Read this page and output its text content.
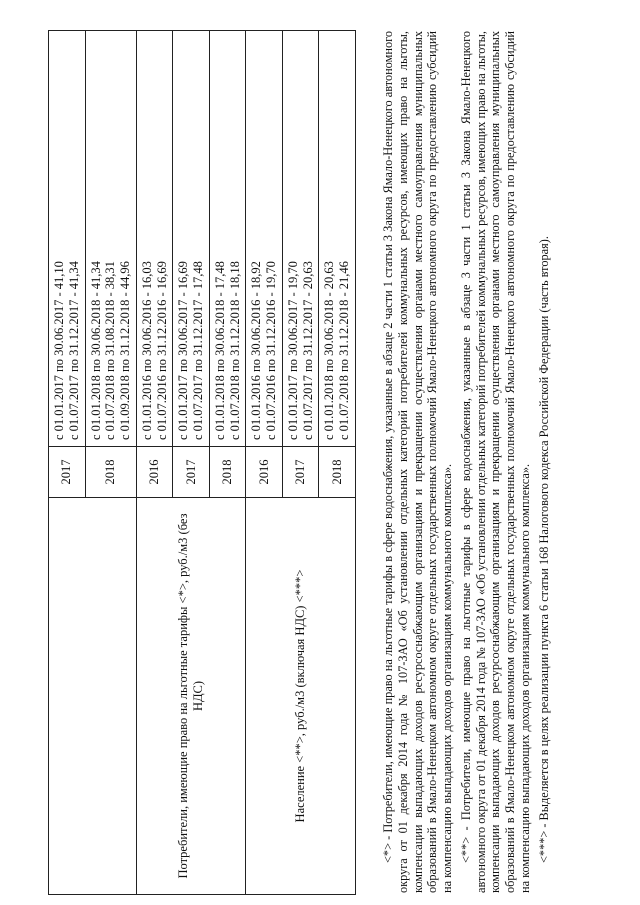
	2017	с 01.01.2017 по 30.06.2017 - 41,10 с 01.07.2017 по 31.12.2017 - 41,34

	2018	с 01.01.2018 по 30.06.2018 - 41,34 с 01.07.2018 по 31.08.2018 - 38,31 с 01.09.2018 по 31.12.2018 - 44,96

Потребители, имеющие право на льготные тарифы <*>, руб./м3 (без НДС)	2016	с 01.01.2016 по 30.06.2016 - 16,03 с 01.07.2016 по 31.12.2016 - 16,69

	2017	с 01.01.2017 по 30.06.2017 - 16,69 с 01.07.2017 по 31.12.2017 - 17,48

	2018	с 01.01.2018 по 30.06.2018 - 17,48 с 01.07.2018 по 31.12.2018 - 18,18

Население <**>, руб./м3 (включая НДС) <***>	2016	с 01.01.2016 по 30.06.2016 - 18,92 с 01.07.2016 по 31.12.2016 - 19,70

	2017	с 01.01.2017 по 30.06.2017 - 19,70 с 01.07.2017 по 31.12.2017 - 20,63

	2018	с 01.01.2018 по 30.06.2018 - 20,63 с 01.07.2018 по 31.12.2018 - 21,46 <*> - Потребители, имеющие право на льготные тарифы в сфере водоснабжения, указанные в абзаце 2 части 1 статьи 3 Закона Ямало-Ненецкого автономного округа от 01 декабря 2014 года № 107-ЗАО «Об установлении отдельных категорий потребителей коммунальных ресурсов, имеющих право на льготы, компенсации выпадающих доходов ресурсоснабжающим организациям и прекращении осуществления органами местного самоуправления муниципальных образований в Ямало-Ненецком автономном округе отдельных государственных полномочий Ямало-Ненецкого автономного округа по предоставлению субсидий на компенсацию выпадающих доходов организациям коммунального комплекса». <**> - Потребители, имеющие право на льготные тарифы в сфере водоснабжения, указанные в абзаце 3 части 1 статьи 3 Закона Ямало-Ненецкого автономного округа от 01 декабря 2014 года № 107-ЗАО «Об установлении отдельных категорий потребителей коммунальных ресурсов, имеющих право на льготы, компенсации выпадающих доходов ресурсоснабжающим организациям и прекращении осуществления органами местного самоуправления муниципальных образований в Ямало-Ненецком автономном округе отдельных государственных полномочий Ямало-Ненецкого автономного округа по предоставлению субсидий на компенсацию выпадающих доходов организациям коммунального комплекса». <***> - Выделяется в целях реализации пункта 6 статьи 168 Налогового кодекса Российской Федерации (часть вторая).
